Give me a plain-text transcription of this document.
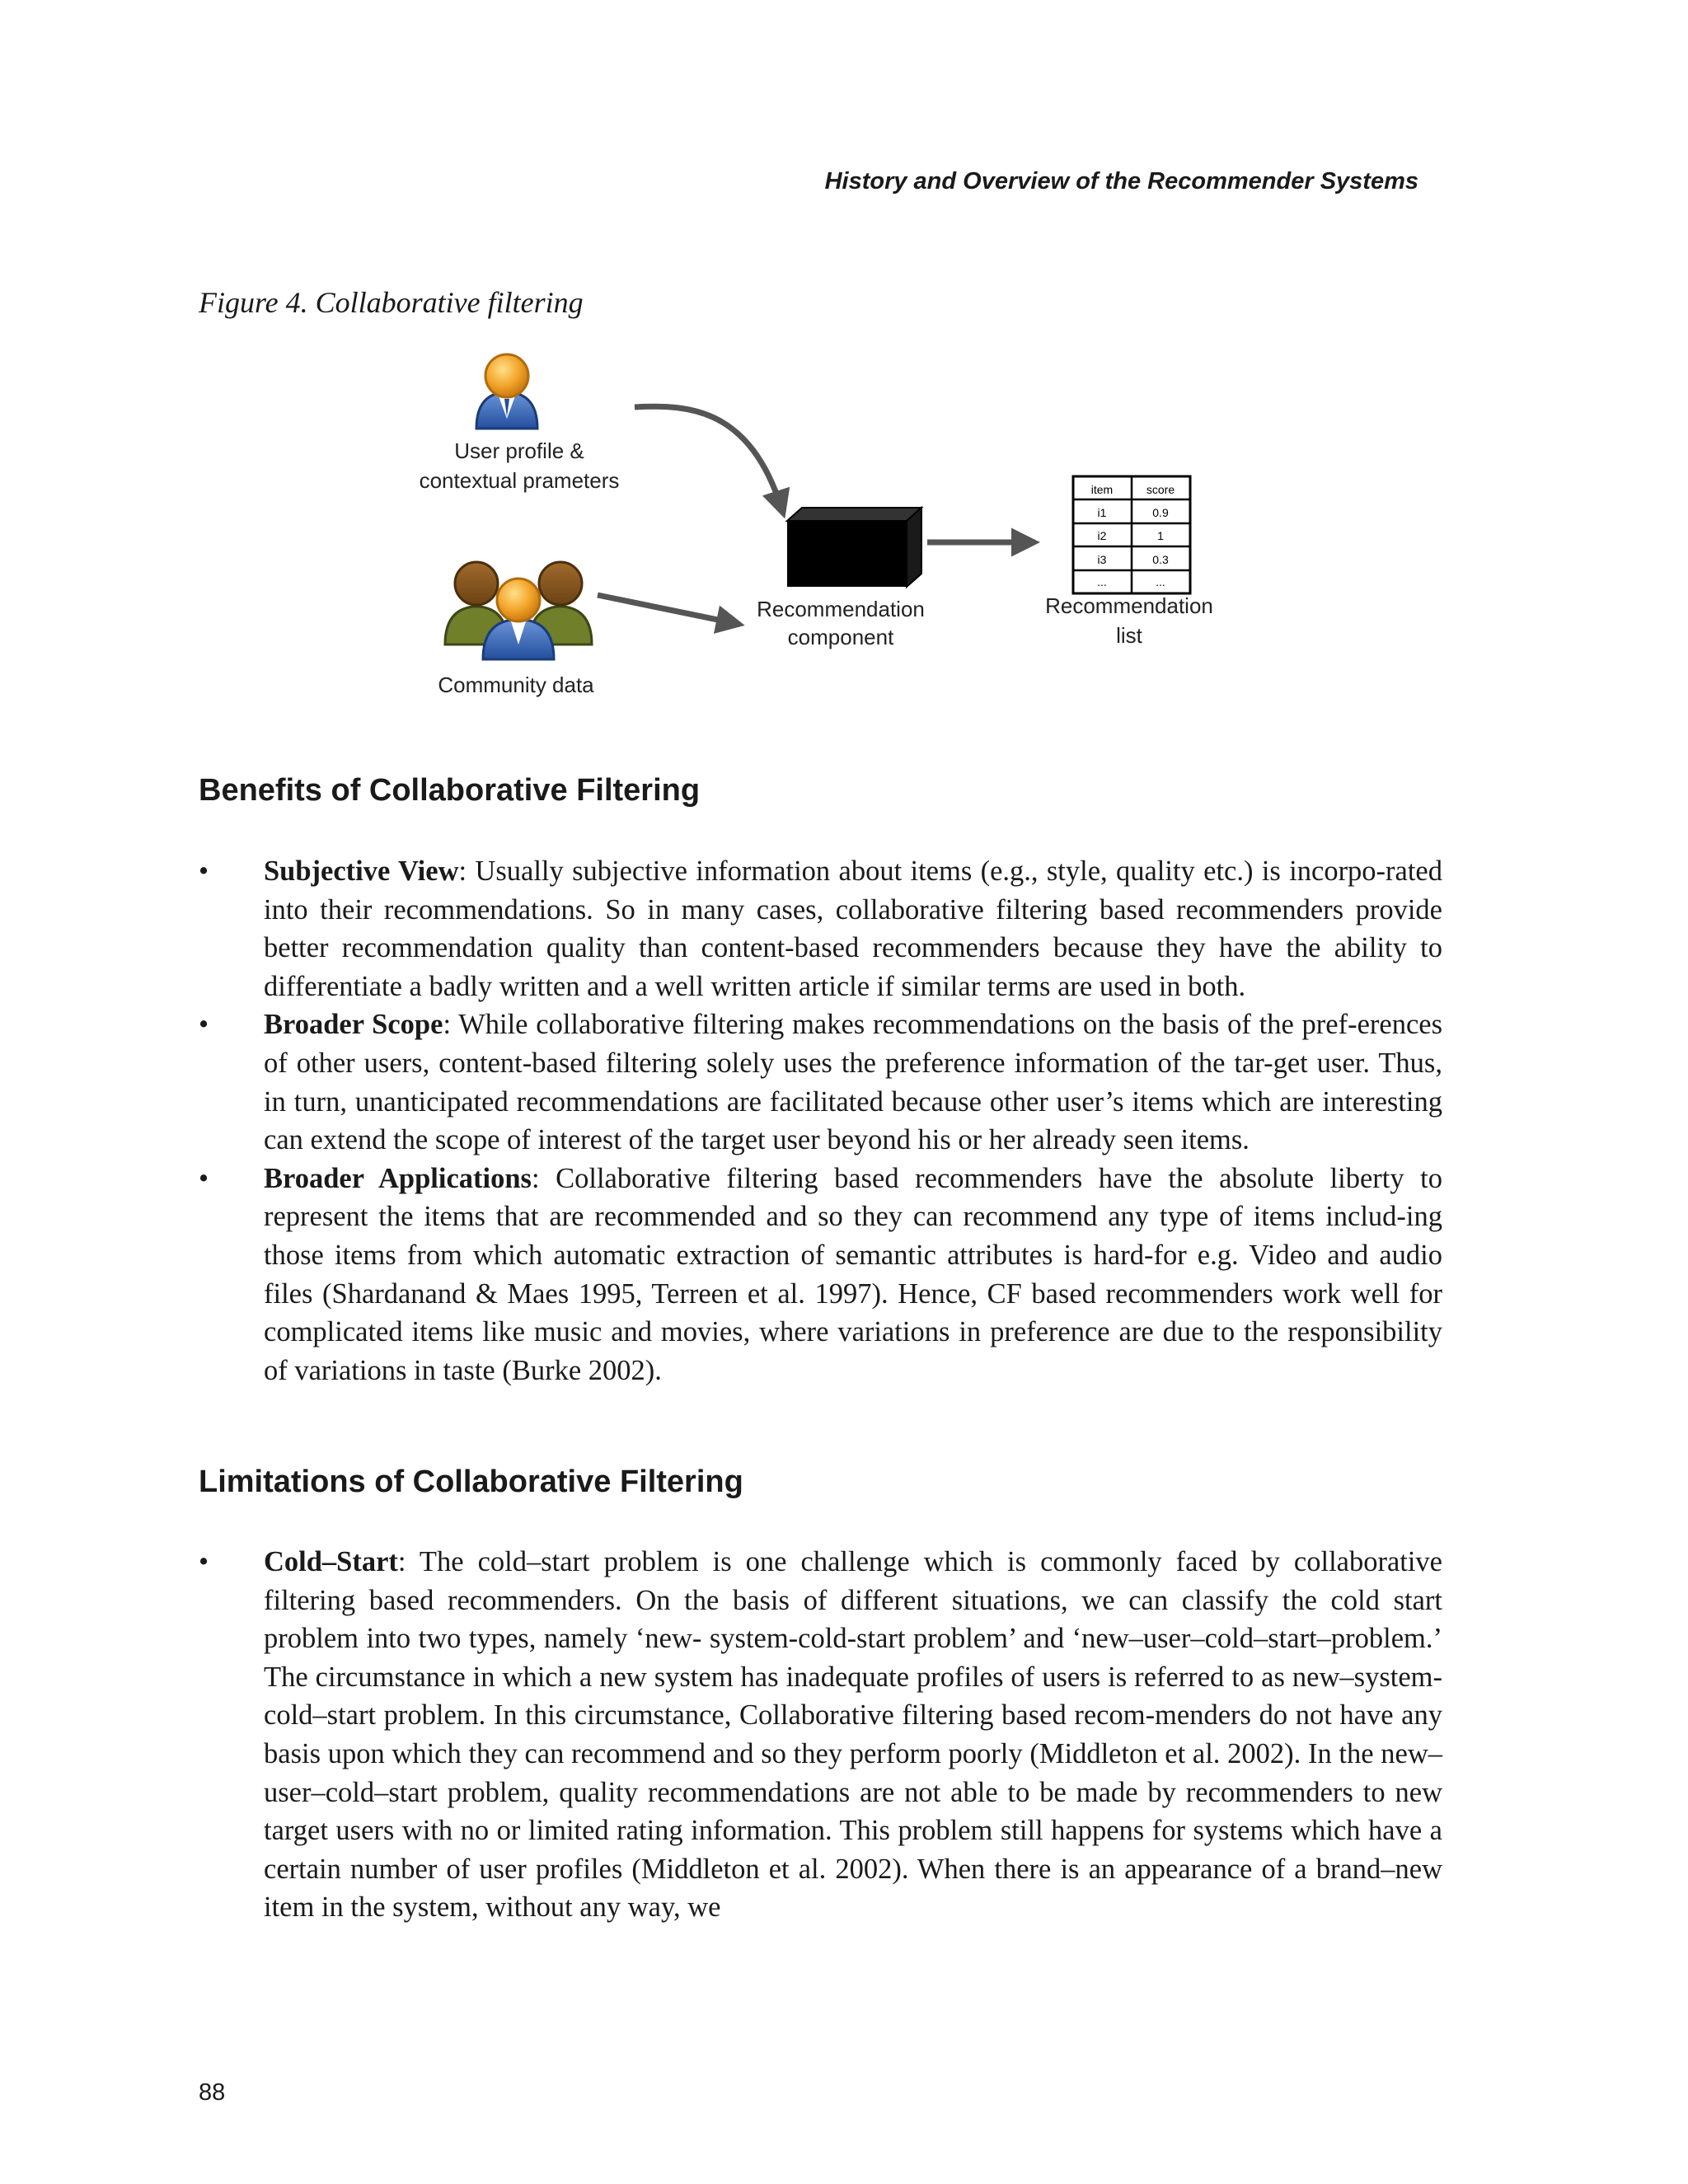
History and Overview of the Recommender Systems
Figure 4. Collaborative filtering
User profile &
contextual prameters
Community data
Recommendation
component
item	score
i1	0.9
i2	1
i3	0.3
...	...
Recommendation
list
Benefits of Collaborative Filtering
• Subjective View: Usually subjective information about items (e.g., style, quality etc.) is incorpo-rated into their recommendations. So in many cases, collaborative filtering based recommenders provide better recommendation quality than content-based recommenders because they have the ability to differentiate a badly written and a well written article if similar terms are used in both.
• Broader Scope: While collaborative filtering makes recommendations on the basis of the pref-erences of other users, content-based filtering solely uses the preference information of the tar-get user. Thus, in turn, unanticipated recommendations are facilitated because other user’s items which are interesting can extend the scope of interest of the target user beyond his or her already seen items.
• Broader Applications: Collaborative filtering based recommenders have the absolute liberty to represent the items that are recommended and so they can recommend any type of items includ-ing those items from which automatic extraction of semantic attributes is hard-for e.g. Video and audio files (Shardanand & Maes 1995, Terreen et al. 1997). Hence, CF based recommenders work well for complicated items like music and movies, where variations in preference are due to the responsibility of variations in taste (Burke 2002).
Limitations of Collaborative Filtering
• Cold–Start: The cold–start problem is one challenge which is commonly faced by collaborative filtering based recommenders. On the basis of different situations, we can classify the cold start problem into two types, namely ‘new- system-cold-start problem’ and ‘new–user–cold–start–problem.’ The circumstance in which a new system has inadequate profiles of users is referred to as new–system-cold–start problem. In this circumstance, Collaborative filtering based recom-menders do not have any basis upon which they can recommend and so they perform poorly (Middleton et al. 2002). In the new–user–cold–start problem, quality recommendations are not able to be made by recommenders to new target users with no or limited rating information. This problem still happens for systems which have a certain number of user profiles (Middleton et al. 2002). When there is an appearance of a brand–new item in the system, without any way, we
88
